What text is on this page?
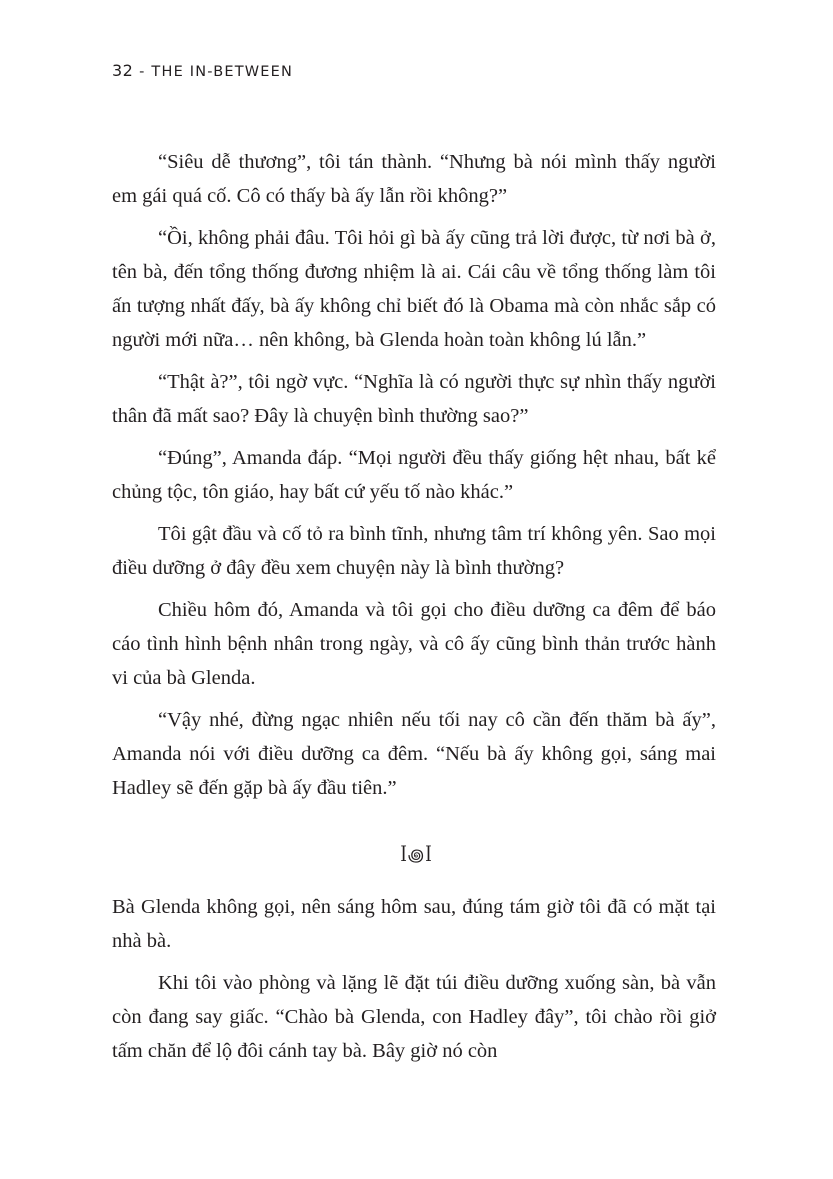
32 - THE IN-BETWEEN

“Siêu dễ thương”, tôi tán thành. “Nhưng bà nói mình thấy người em gái quá cố. Cô có thấy bà ấy lẫn rồi không?”

“Ồi, không phải đâu. Tôi hỏi gì bà ấy cũng trả lời được, từ nơi bà ở, tên bà, đến tổng thống đương nhiệm là ai. Cái câu về tổng thống làm tôi ấn tượng nhất đấy, bà ấy không chỉ biết đó là Obama mà còn nhắc sắp có người mới nữa… nên không, bà Glenda hoàn toàn không lú lẫn.”

“Thật à?”, tôi ngờ vực. “Nghĩa là có người thực sự nhìn thấy người thân đã mất sao? Đây là chuyện bình thường sao?”

“Đúng”, Amanda đáp. “Mọi người đều thấy giống hệt nhau, bất kể chủng tộc, tôn giáo, hay bất cứ yếu tố nào khác.”

Tôi gật đầu và cố tỏ ra bình tĩnh, nhưng tâm trí không yên. Sao mọi điều dưỡng ở đây đều xem chuyện này là bình thường?

Chiều hôm đó, Amanda và tôi gọi cho điều dưỡng ca đêm để báo cáo tình hình bệnh nhân trong ngày, và cô ấy cũng bình thản trước hành vi của bà Glenda.

“Vậy nhé, đừng ngạc nhiên nếu tối nay cô cần đến thăm bà ấy”, Amanda nói với điều dưỡng ca đêm. “Nếu bà ấy không gọi, sáng mai Hadley sẽ đến gặp bà ấy đầu tiên.”

ꟾ꩜ꟾ

Bà Glenda không gọi, nên sáng hôm sau, đúng tám giờ tôi đã có mặt tại nhà bà.

Khi tôi vào phòng và lặng lẽ đặt túi điều dưỡng xuống sàn, bà vẫn còn đang say giấc. “Chào bà Glenda, con Hadley đây”, tôi chào rồi giở tấm chăn để lộ đôi cánh tay bà. Bây giờ nó còn
